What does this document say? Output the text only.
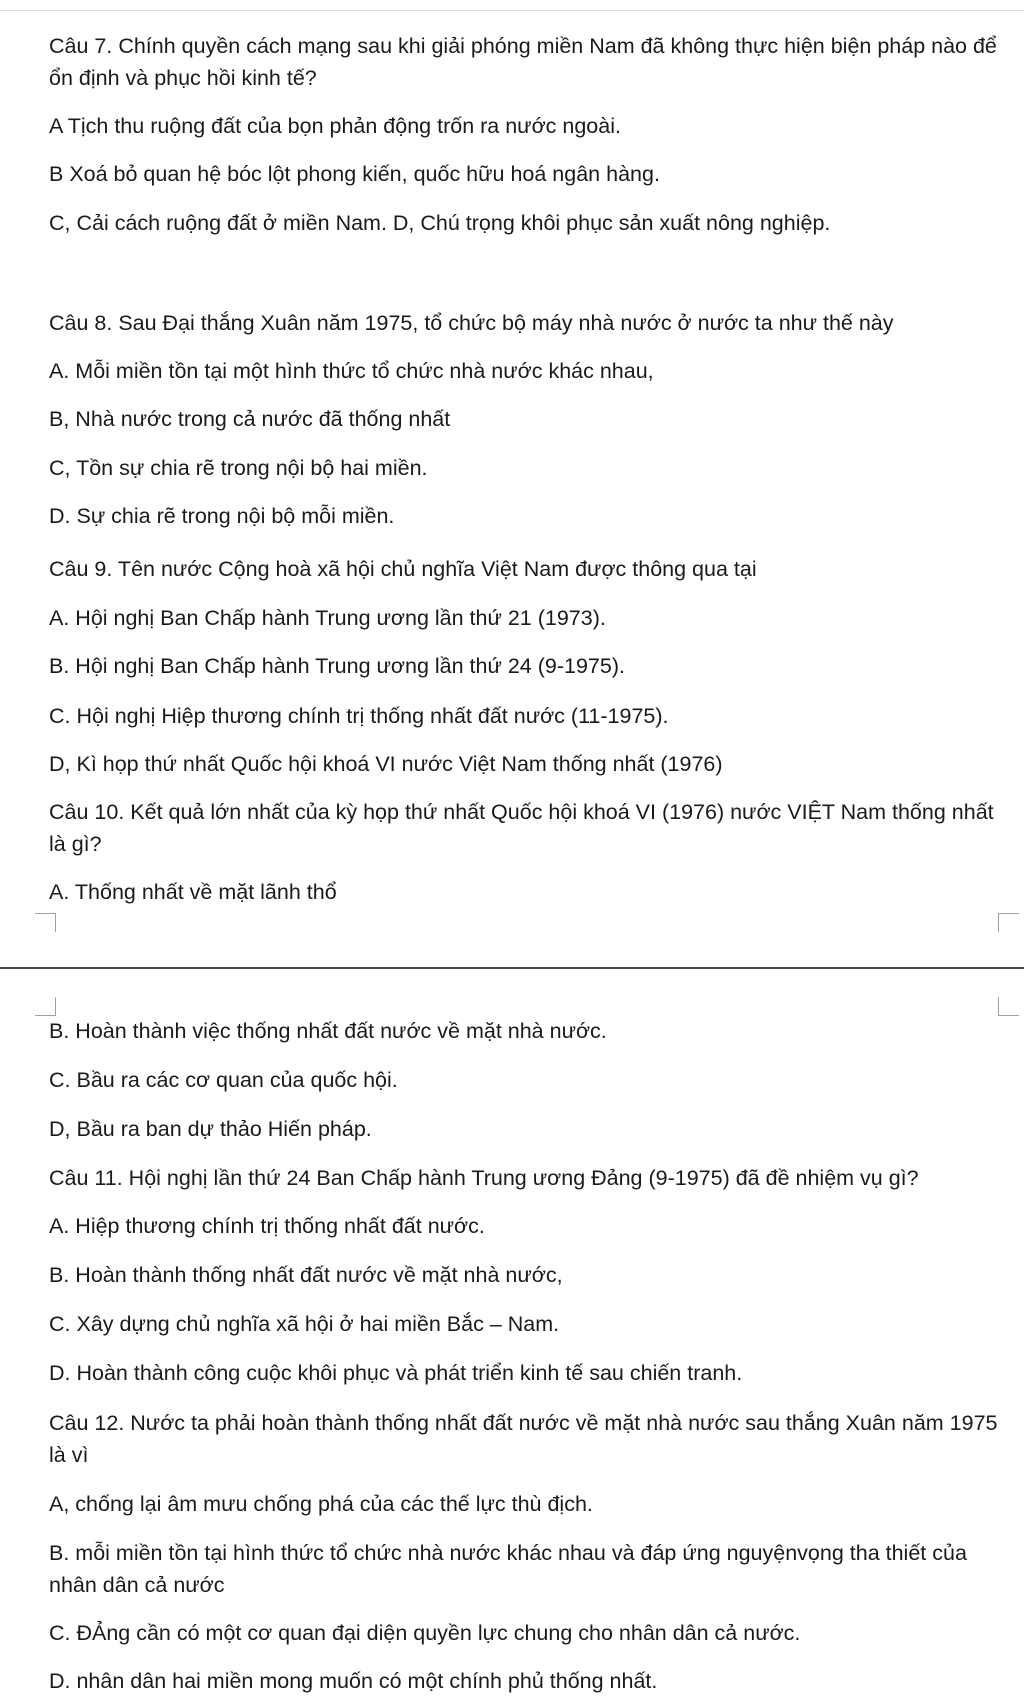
Câu 7. Chính quyền cách mạng sau khi giải phóng miền Nam đã không thực hiện biện pháp nào để ổn định và phục hồi kinh tế?
A Tịch thu ruộng đất của bọn phản động trốn ra nước ngoài.
B Xoá bỏ quan hệ bóc lột phong kiến, quốc hữu hoá ngân hàng.
C, Cải cách ruộng đất ở miền Nam. D, Chú trọng khôi phục sản xuất nông nghiệp.
Câu 8. Sau Đại thắng Xuân năm 1975, tổ chức bộ máy nhà nước ở nước ta như thế này
A. Mỗi miền tồn tại một hình thức tổ chức nhà nước khác nhau,
B, Nhà nước trong cả nước đã thống nhất
C, Tồn sự chia rẽ trong nội bộ hai miền.
D. Sự chia rẽ trong nội bộ mỗi miền.
Câu 9. Tên nước Cộng hoà xã hội chủ nghĩa Việt Nam được thông qua tại
A. Hội nghị Ban Chấp hành Trung ương lần thứ 21 (1973).
B. Hội nghị Ban Chấp hành Trung ương lần thứ 24 (9-1975).
C. Hội nghị Hiệp thương chính trị thống nhất đất nước (11-1975).
D, Kì họp thứ nhất Quốc hội khoá VI nước Việt Nam thống nhất (1976)
Câu 10. Kết quả lớn nhất của kỳ họp thứ nhất Quốc hội khoá VI (1976) nước VIỆT Nam thống nhất là gì?
A. Thống nhất về mặt lãnh thổ
B. Hoàn thành việc thống nhất đất nước về mặt nhà nước.
C. Bầu ra các cơ quan của quốc hội.
D, Bầu ra ban dự thảo Hiến pháp.
Câu 11. Hội nghị lần thứ 24 Ban Chấp hành Trung ương Đảng (9-1975) đã đề nhiệm vụ gì?
A. Hiệp thương chính trị thống nhất đất nước.
B. Hoàn thành thống nhất đất nước về mặt nhà nước,
C. Xây dựng chủ nghĩa xã hội ở hai miền Bắc – Nam.
D. Hoàn thành công cuộc khôi phục và phát triển kinh tế sau chiến tranh.
Câu 12. Nước ta phải hoàn thành thống nhất đất nước về mặt nhà nước sau thắng Xuân năm 1975 là vì
A, chống lại âm mưu chống phá của các thế lực thù địch.
B. mỗi miền tồn tại hình thức tổ chức nhà nước khác nhau và đáp ứng nguyệnvọng tha thiết của nhân dân cả nước
C. ĐẢng cần có một cơ quan đại diện quyền lực chung cho nhân dân cả nước.
D. nhân dân hai miền mong muốn có một chính phủ thống nhất.
